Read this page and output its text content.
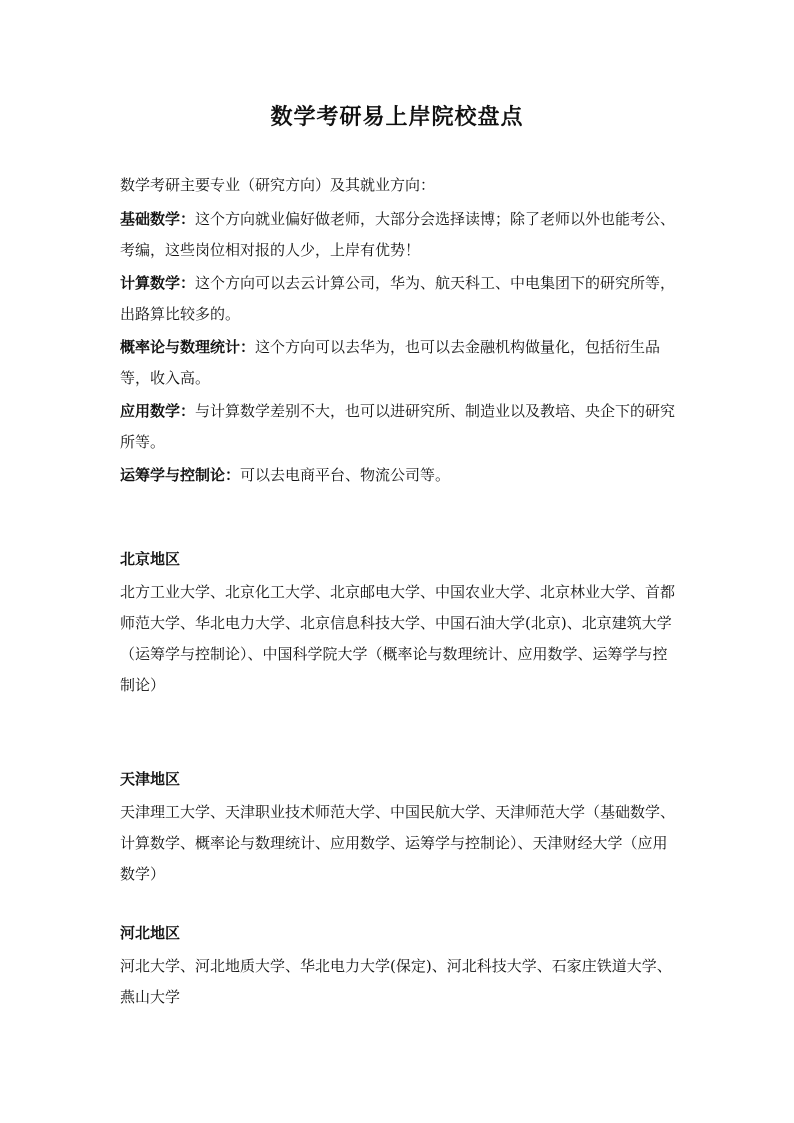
数学考研易上岸院校盘点

数学考研主要专业（研究方向）及其就业方向：

基础数学：这个方向就业偏好做老师，大部分会选择读博；除了老师以外也能考公、考编，这些岗位相对报的人少，上岸有优势！

计算数学：这个方向可以去云计算公司，华为、航天科工、中电集团下的研究所等，出路算比较多的。

概率论与数理统计：这个方向可以去华为，也可以去金融机构做量化，包括衍生品等，收入高。

应用数学：与计算数学差别不大，也可以进研究所、制造业以及教培、央企下的研究所等。

运筹学与控制论：可以去电商平台、物流公司等。

北京地区

北方工业大学、北京化工大学、北京邮电大学、中国农业大学、北京林业大学、首都师范大学、华北电力大学、北京信息科技大学、中国石油大学(北京)、北京建筑大学（运筹学与控制论）、中国科学院大学（概率论与数理统计、应用数学、运筹学与控制论）

天津地区

天津理工大学、天津职业技术师范大学、中国民航大学、天津师范大学（基础数学、计算数学、概率论与数理统计、应用数学、运筹学与控制论）、天津财经大学（应用数学）

河北地区

河北大学、河北地质大学、华北电力大学(保定)、河北科技大学、石家庄铁道大学、燕山大学
